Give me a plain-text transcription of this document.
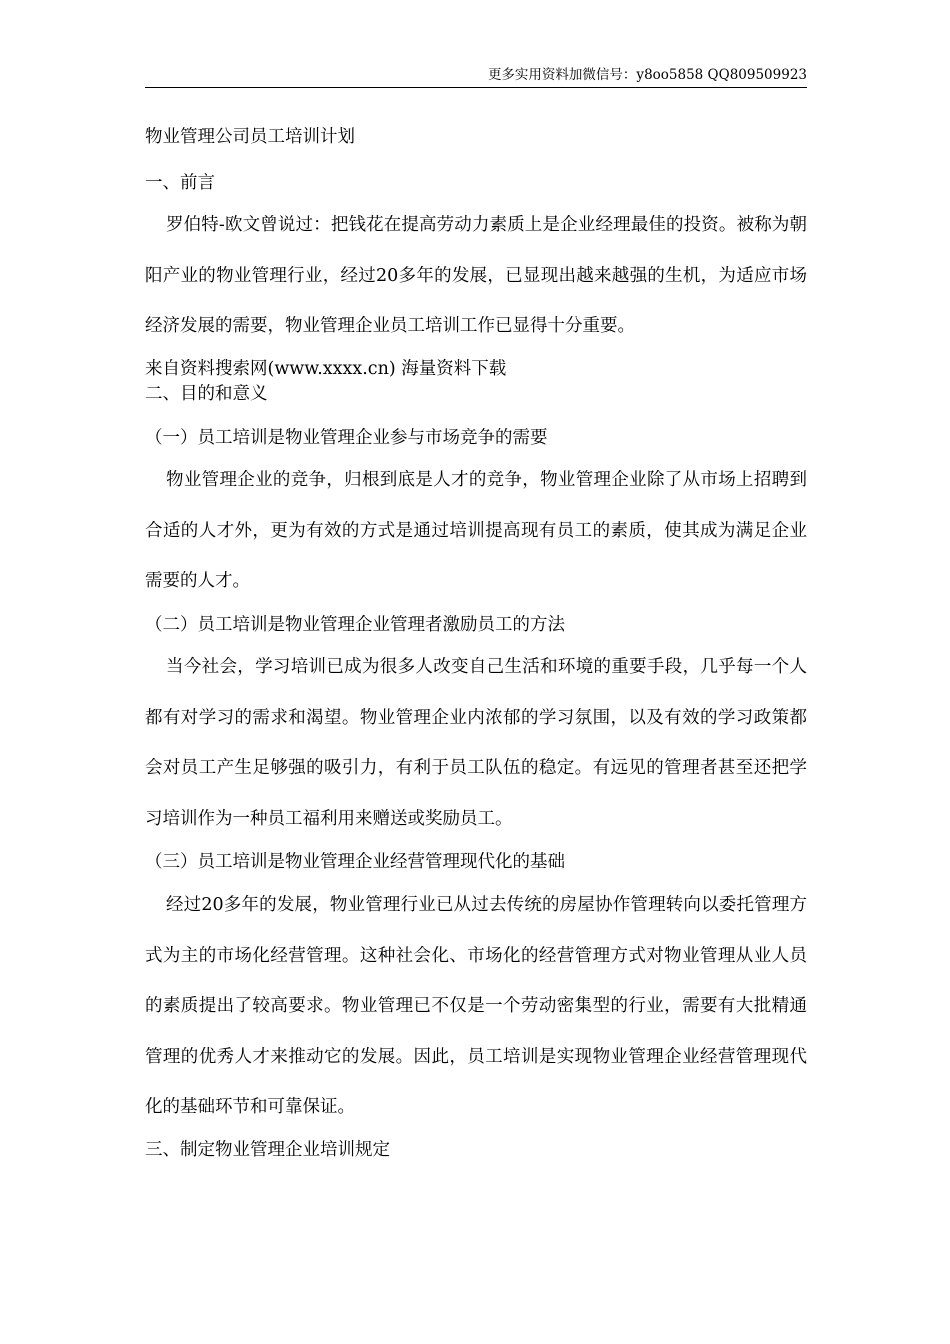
更多实用资料加微信号：y8oo5858 QQ809509923
物业管理公司员工培训计划
一、前言
罗伯特-欧文曾说过：把钱花在提高劳动力素质上是企业经理最佳的投资。被称为朝阳产业的物业管理行业，经过20多年的发展，已显现出越来越强的生机，为适应市场经济发展的需要，物业管理企业员工培训工作已显得十分重要。
来自资料搜索网(www.xxxx.cn) 海量资料下载
二、目的和意义
（一）员工培训是物业管理企业参与市场竞争的需要
物业管理企业的竞争，归根到底是人才的竞争，物业管理企业除了从市场上招聘到合适的人才外，更为有效的方式是通过培训提高现有员工的素质，使其成为满足企业需要的人才。
（二）员工培训是物业管理企业管理者激励员工的方法
当今社会，学习培训已成为很多人改变自己生活和环境的重要手段，几乎每一个人都有对学习的需求和渴望。物业管理企业内浓郁的学习氛围，以及有效的学习政策都会对员工产生足够强的吸引力，有利于员工队伍的稳定。有远见的管理者甚至还把学习培训作为一种员工福利用来赠送或奖励员工。
（三）员工培训是物业管理企业经营管理现代化的基础
经过20多年的发展，物业管理行业已从过去传统的房屋协作管理转向以委托管理方式为主的市场化经营管理。这种社会化、市场化的经营管理方式对物业管理从业人员的素质提出了较高要求。物业管理已不仅是一个劳动密集型的行业，需要有大批精通管理的优秀人才来推动它的发展。因此，员工培训是实现物业管理企业经营管理现代化的基础环节和可靠保证。
三、制定物业管理企业培训规定
